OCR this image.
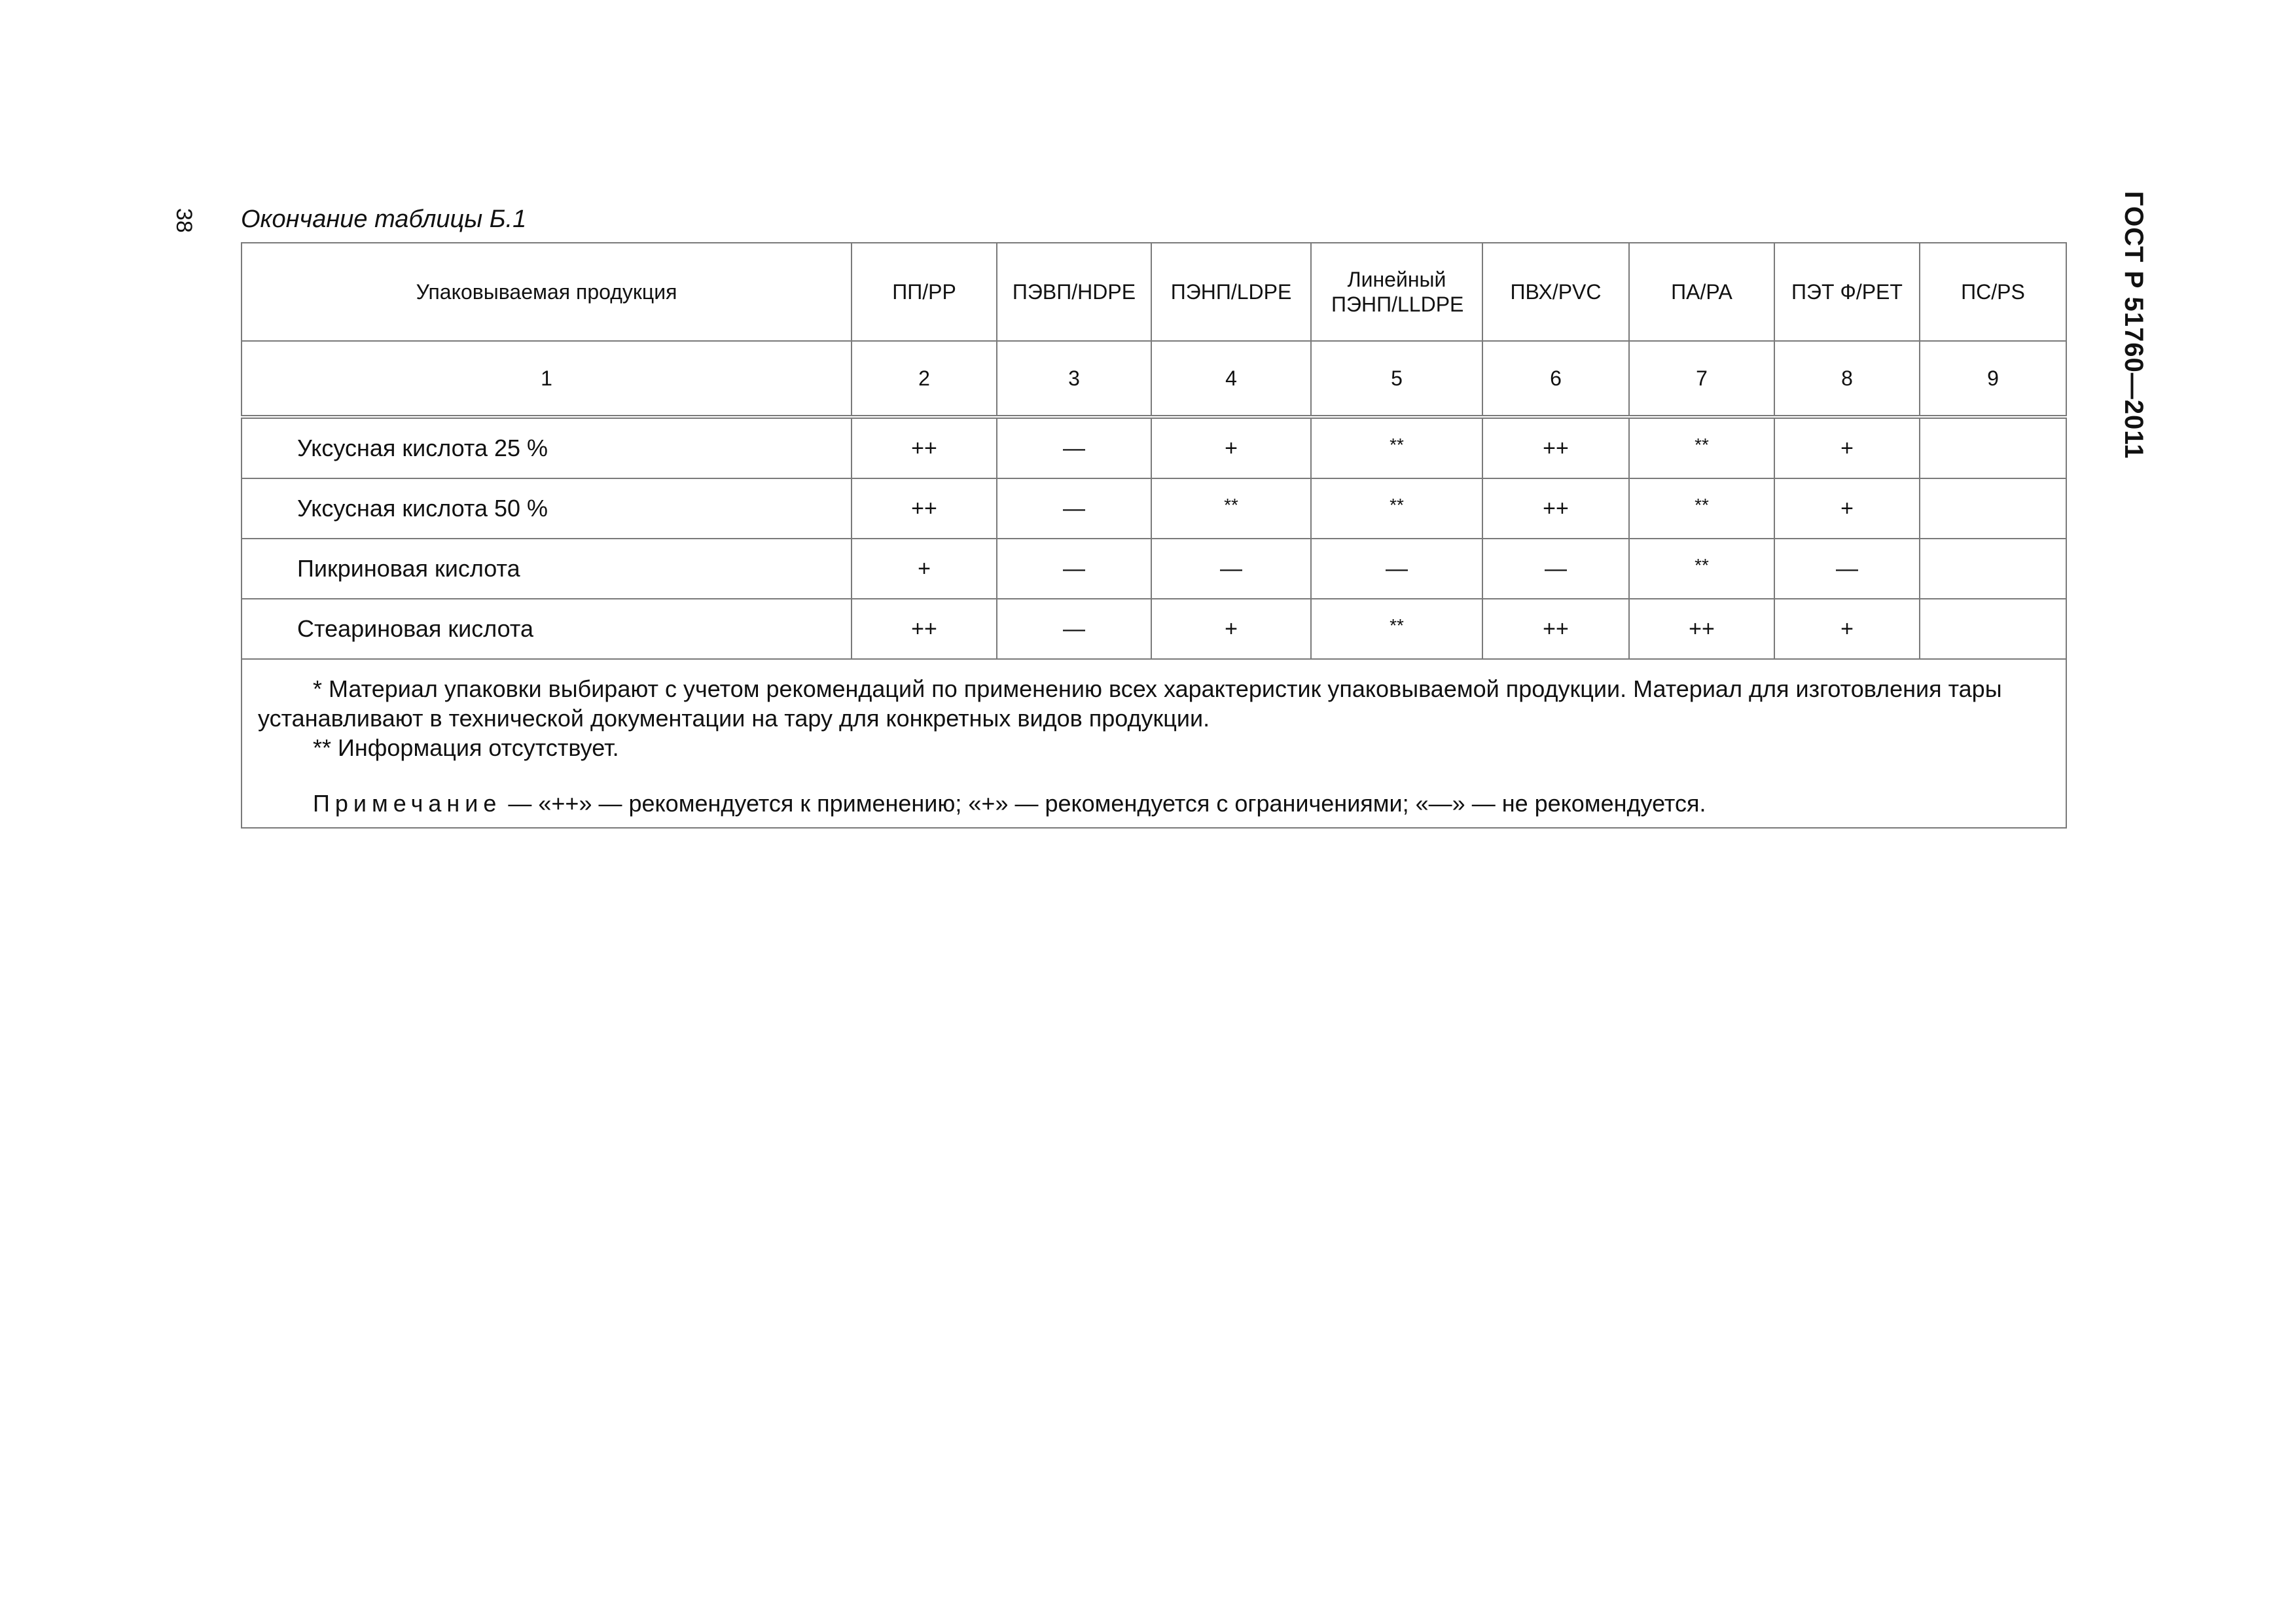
38	ГОСТ Р 51760—2011
Окончание таблицы Б.1
Упаковываемая продукция	ПП/РР	ПЭВП/HDPE	ПЭНП/LDPE	Линейный ПЭНП/LLDPE	ПВХ/PVC	ПА/РА	ПЭТ Ф/РЕТ	ПС/PS
1	2	3	4	5	6	7	8	9
Уксусная кислота 25 %	++	—	+	**	++	**	+	
Уксусная кислота 50 %	++	—	**	**	++	**	+	
Пикриновая кислота	+	—	—	—	—	**	—	
Стеариновая кислота	++	—	+	**	++	++	+	

* Материал упаковки выбирают с учетом рекомендаций по применению всех характеристик упаковываемой продукции. Материал для изготовления тары
устанавливают в технической документации на тару для конкретных видов продукции.
** Информация отсутствует.
Примечание — «++» — рекомендуется к применению; «+» — рекомендуется с ограничениями; «—» — не рекомендуется.								
